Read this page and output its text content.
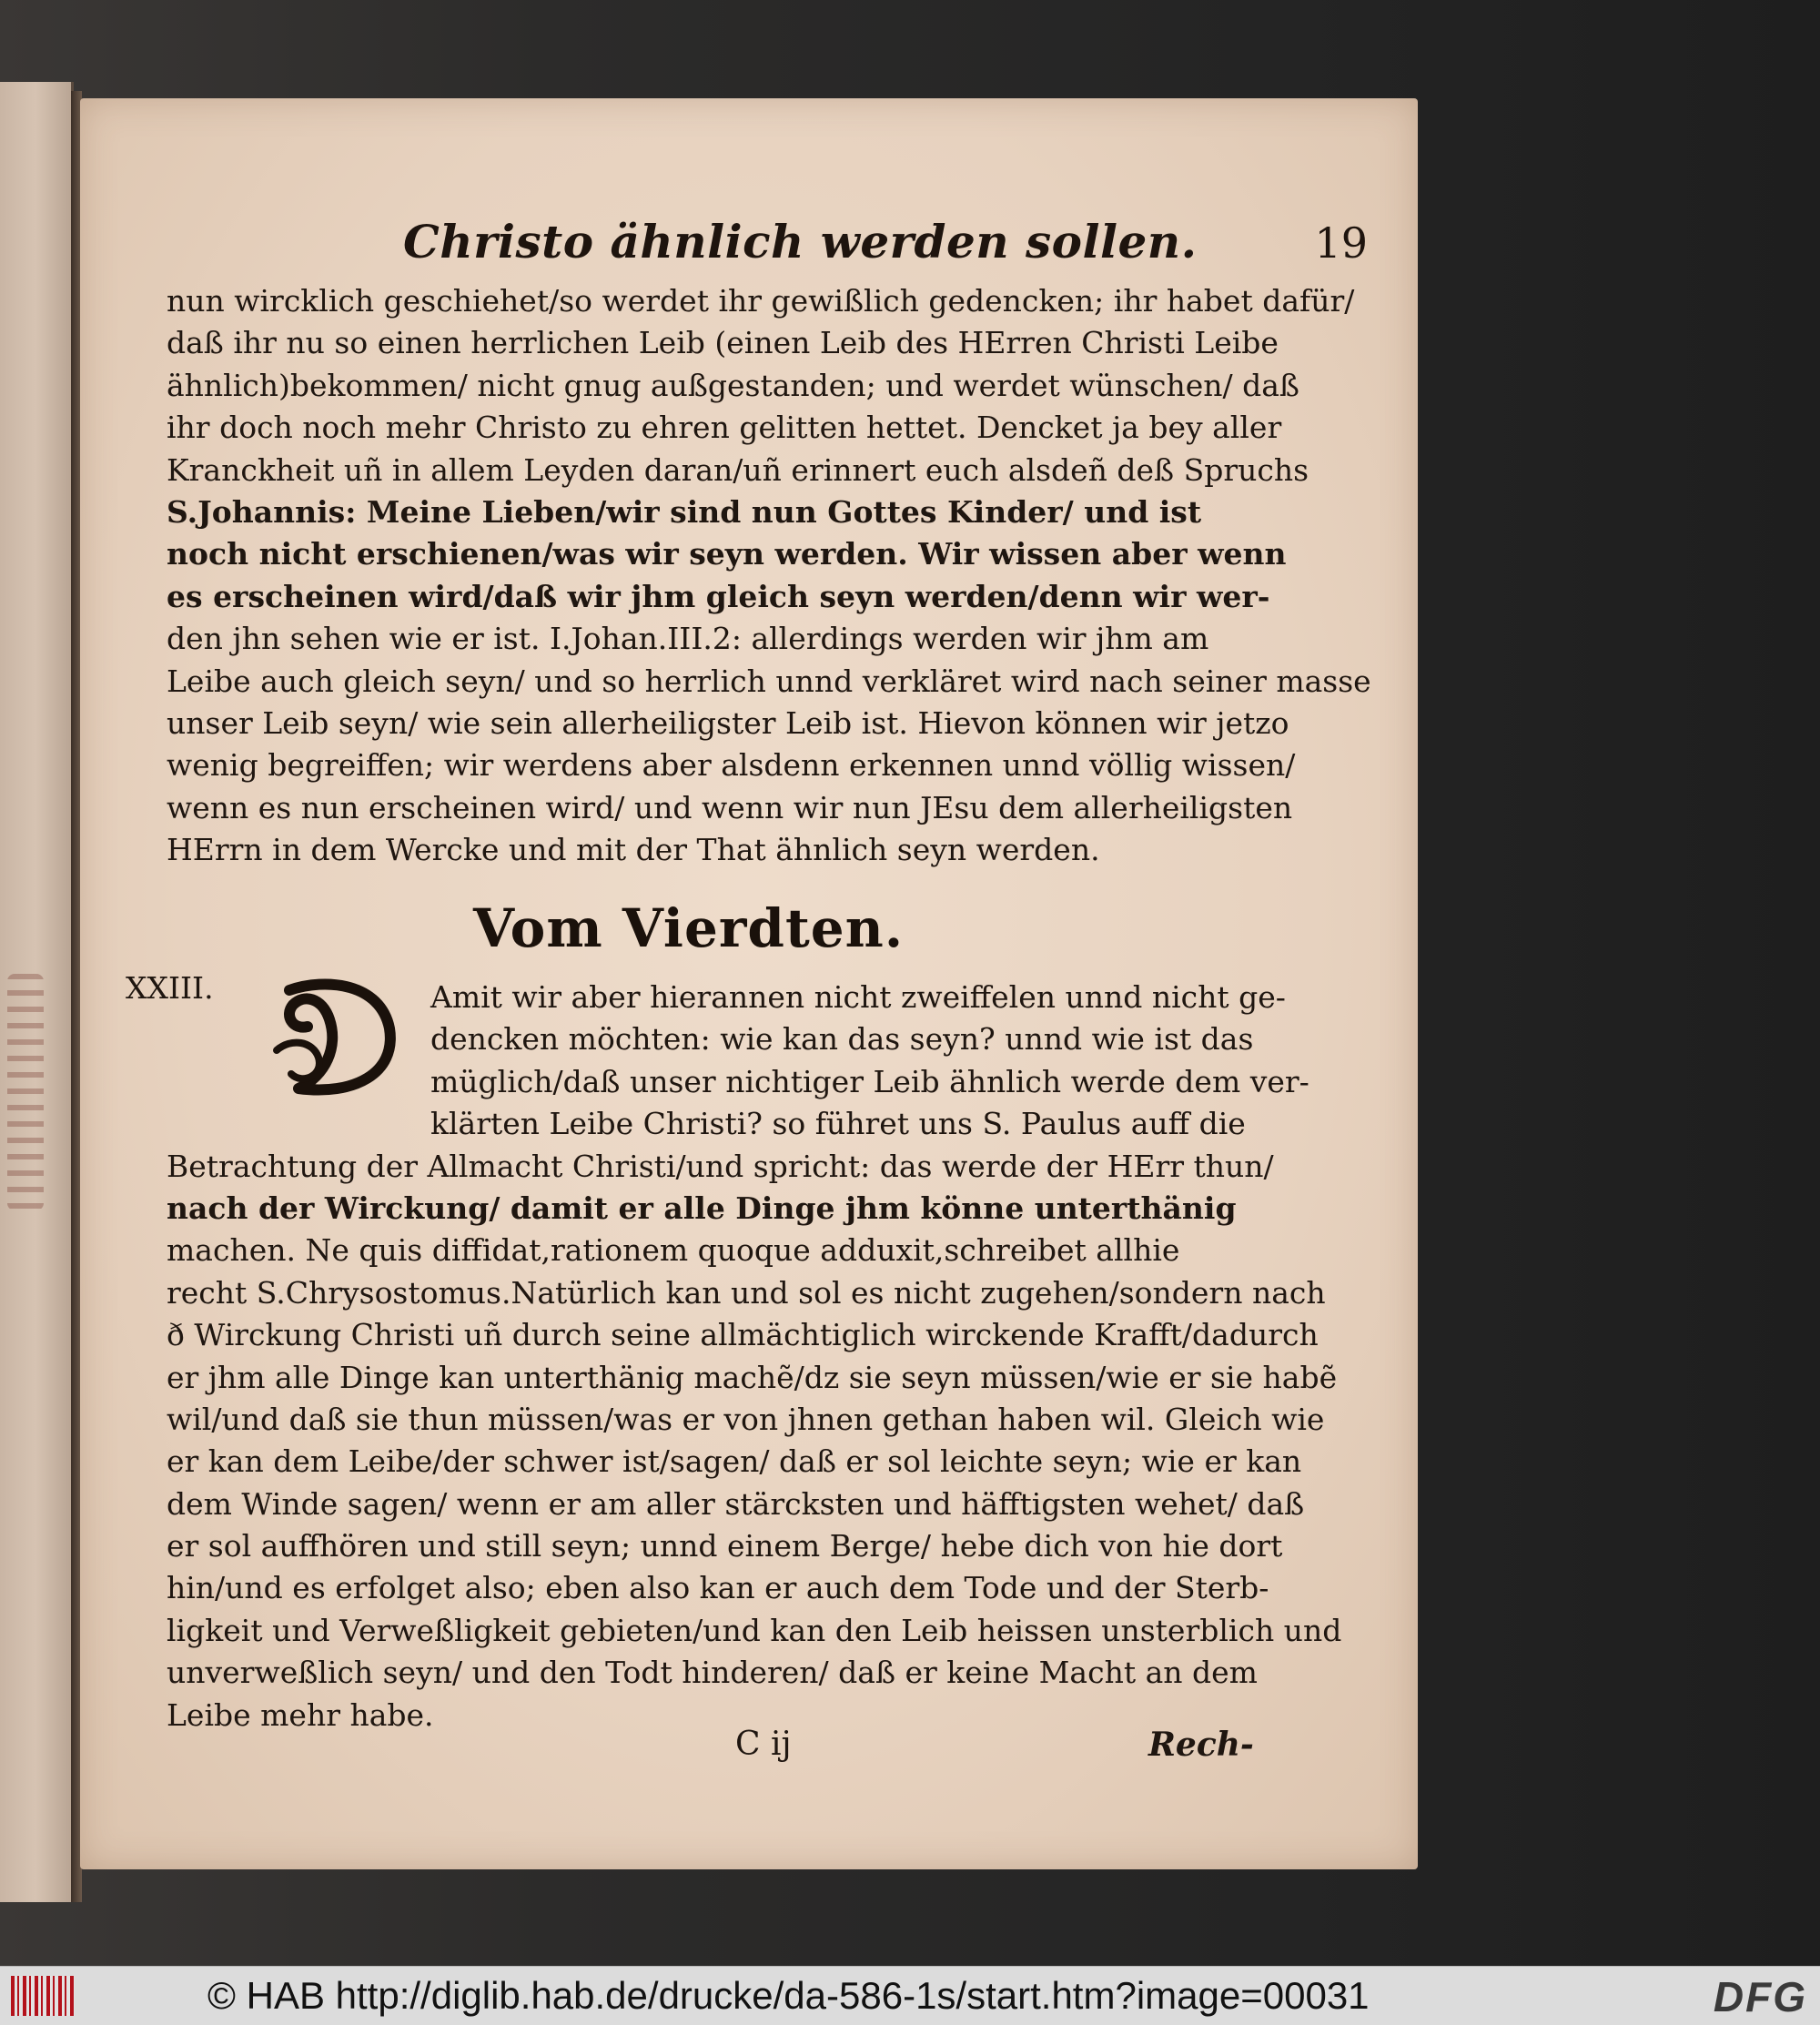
Christo ähnlich werden sollen.	19
nun wircklich geschiehet/so werdet ihr gewißlich gedencken; ihr habet dafür/
daß ihr nu so einen herrlichen Leib (einen Leib des HErren Christi Leibe
ähnlich)bekommen/ nicht gnug außgestanden; und werdet wünschen/ daß
ihr doch noch mehr Christo zu ehren gelitten hettet. Dencket ja bey aller
Kranckheit uñ in allem Leyden daran/uñ erinnert euch alsdeñ deß Spruchs
S.Johannis: Meine Lieben/wir sind nun Gottes Kinder/ und ist
noch nicht erschienen/was wir seyn werden. Wir wissen aber wenn
es erscheinen wird/daß wir jhm gleich seyn werden/denn wir wer-
den jhn sehen wie er ist. I.Johan.III.2: allerdings werden wir jhm am
Leibe auch gleich seyn/ und so herrlich unnd verkläret wird nach seiner masse
unser Leib seyn/ wie sein allerheiligster Leib ist. Hievon können wir jetzo
wenig begreiffen; wir werdens aber alsdenn erkennen unnd völlig wissen/
wenn es nun erscheinen wird/ und wenn wir nun JEsu dem allerheiligsten
HErrn in dem Wercke und mit der That ähnlich seyn werden.
Vom Vierdten.
XXIII.
D
Amit wir aber hierannen nicht zweiffelen unnd nicht ge-
dencken möchten: wie kan das seyn? unnd wie ist das
müglich/daß unser nichtiger Leib ähnlich werde dem ver-
klärten Leibe Christi? so führet uns S. Paulus auff die
Betrachtung der Allmacht Christi/und spricht: das werde der HErr thun/
nach der Wirckung/ damit er alle Dinge jhm könne unterthänig
machen. Ne quis diffidat,rationem quoque adduxit,schreibet allhie
recht S.Chrysostomus.Natürlich kan und sol es nicht zugehen/sondern nach
ð Wirckung Christi uñ durch seine allmächtiglich wirckende Krafft/dadurch
er jhm alle Dinge kan unterthänig machẽ/dz sie seyn müssen/wie er sie habẽ
wil/und daß sie thun müssen/was er von jhnen gethan haben wil. Gleich wie
er kan dem Leibe/der schwer ist/sagen/ daß er sol leichte seyn; wie er kan
dem Winde sagen/ wenn er am aller stärcksten und häfftigsten wehet/ daß
er sol auffhören und still seyn; unnd einem Berge/ hebe dich von hie dort
hin/und es erfolget also; eben also kan er auch dem Tode und der Sterb-
ligkeit und Verweßligkeit gebieten/und kan den Leib heissen unsterblich und
unverweßlich seyn/ und den Todt hinderen/ daß er keine Macht an dem
Leibe mehr habe.
C ij	Rech-
© HAB http://diglib.hab.de/drucke/da-586-1s/start.htm?image=00031	DFG
